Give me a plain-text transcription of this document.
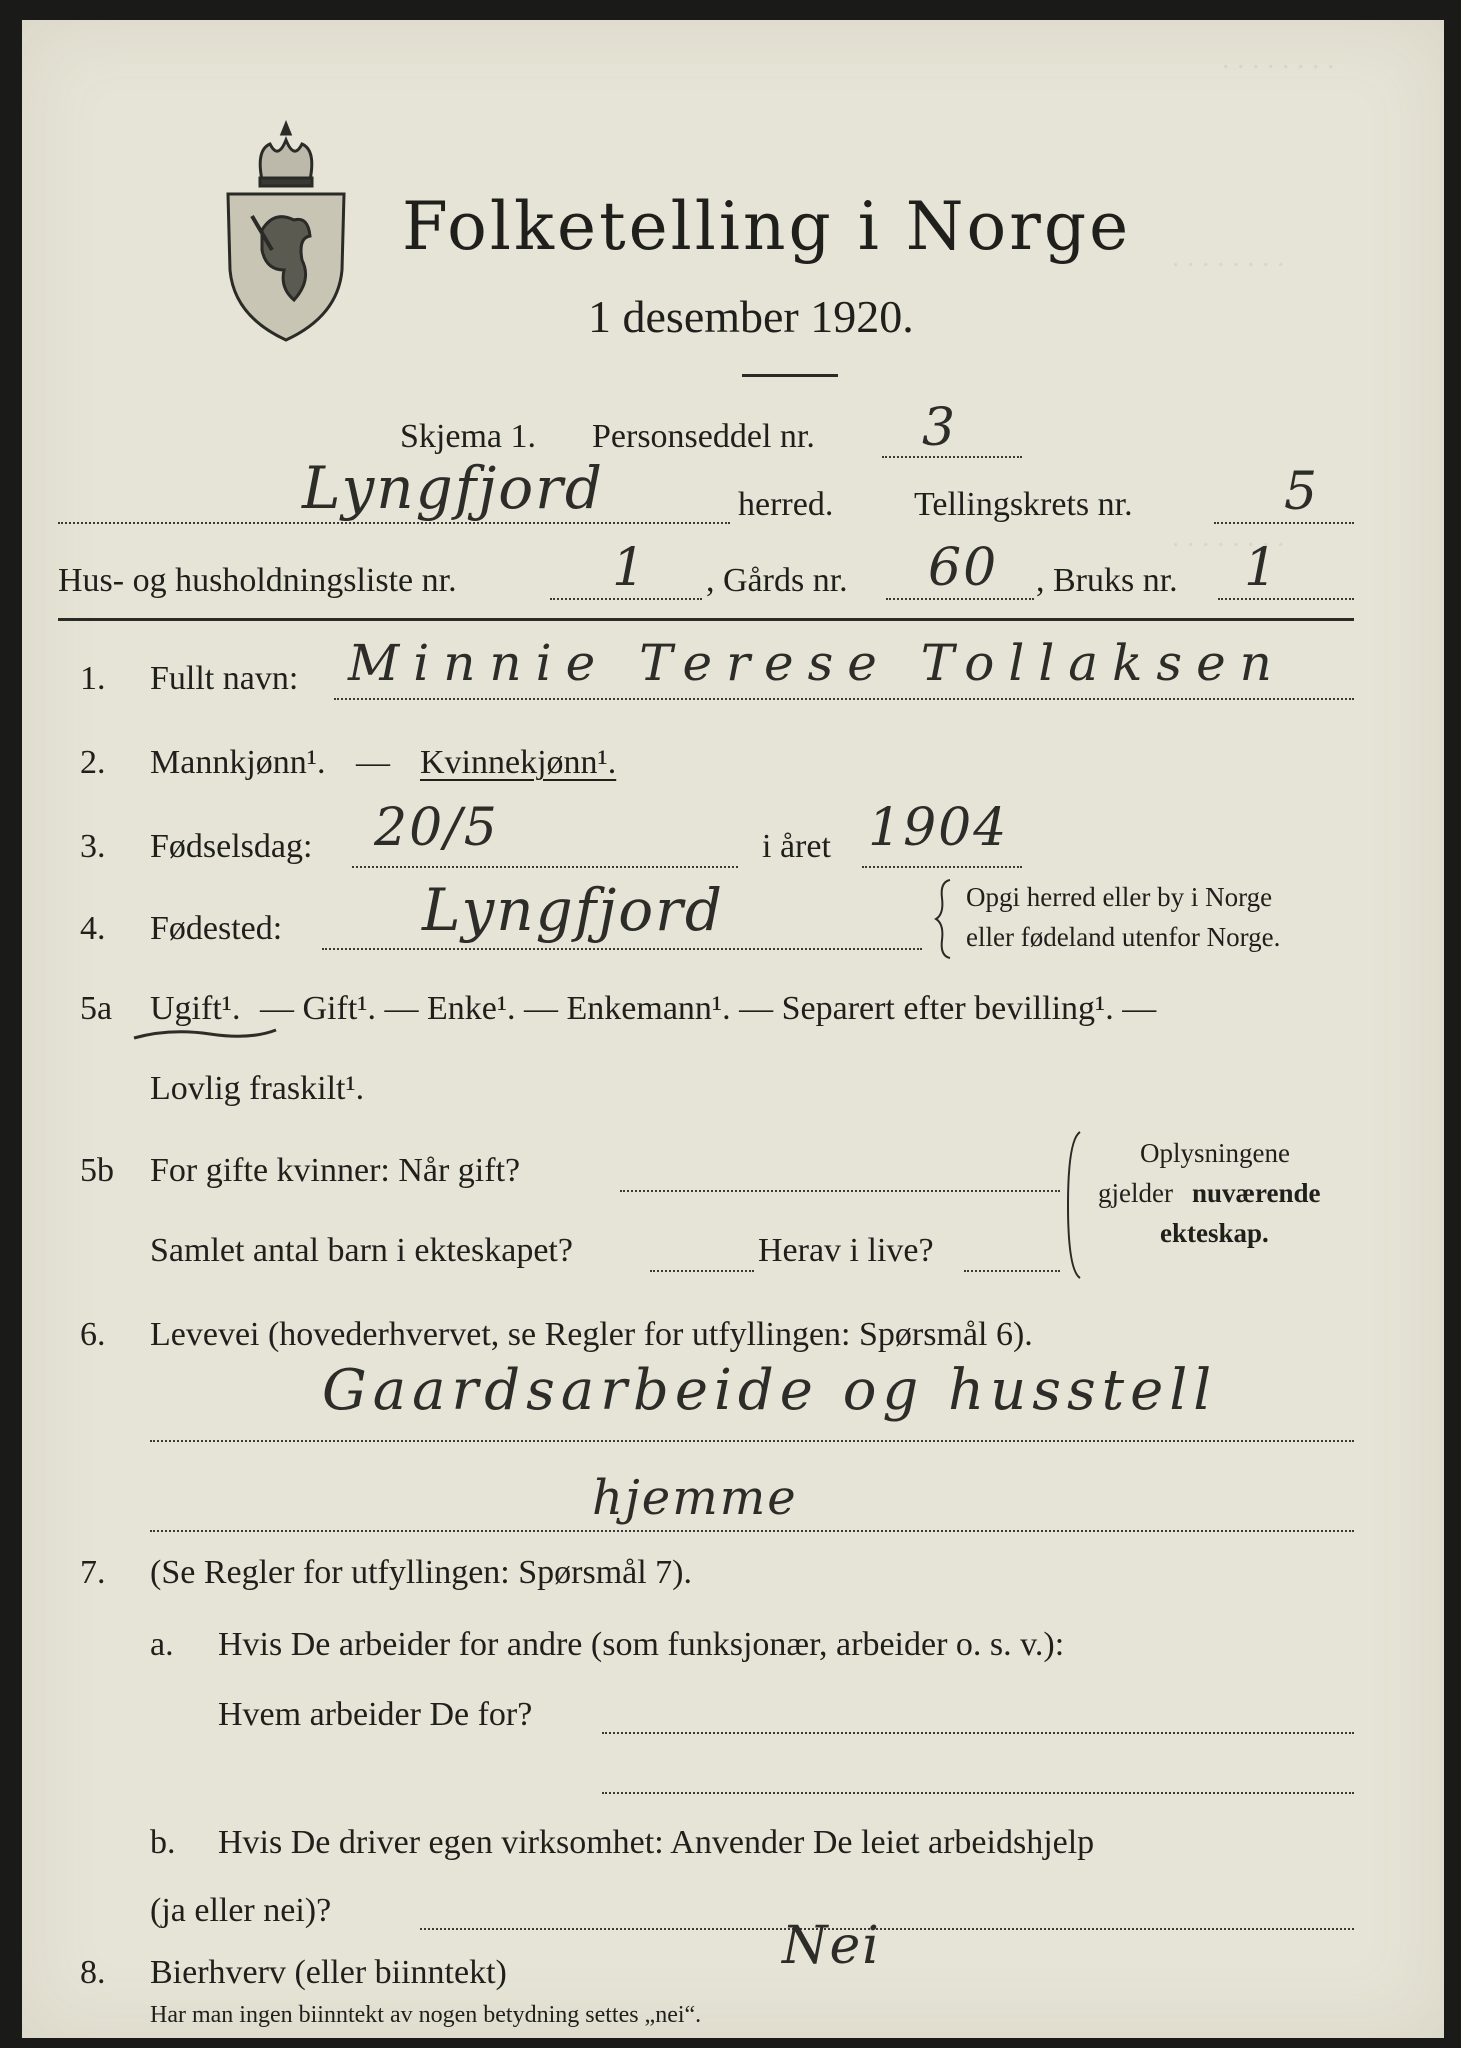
. . . . . . . .
. . . . . . . .
. . . . . . . .
Folketelling i Norge
1 desember 1920.
Skjema 1. Personseddel nr. 3
Lyngfjord	herred. Tellingskrets nr.	5
Hus- og husholdningsliste nr.	1 , Gårds nr. 60 , Bruks nr. 1
1. Fullt navn: Minnie Terese Tollaksen
2. Mannkjønn¹. — Kvinnekjønn¹.
3. Fødselsdag: 20/5	i året 1904
4. Fødested: Lyngfjord	Opgi herred eller by i Norge
eller fødeland utenfor Norge.
5a Ugift¹. — Gift¹. — Enke¹. — Enkemann¹. — Separert efter bevilling¹. —
Lovlig fraskilt¹.
5b For gifte kvinner: Når gift?
Samlet antal barn i ekteskapet?	Herav i live?
Oplysningene
gjelder nuværende
ekteskap.
6. Levevei (hovederhvervet, se Regler for utfyllingen: Spørsmål 6).
Gaardsarbeide og husstell
hjemme
7. (Se Regler for utfyllingen: Spørsmål 7).
a. Hvis De arbeider for andre (som funksjonær, arbeider o. s. v.):
Hvem arbeider De for?
b. Hvis De driver egen virksomhet: Anvender De leiet arbeidshjelp
(ja eller nei)?
8. Bierhverv (eller biinntekt)	Nei
Har man ingen biinntekt av nogen betydning settes „nei“.
